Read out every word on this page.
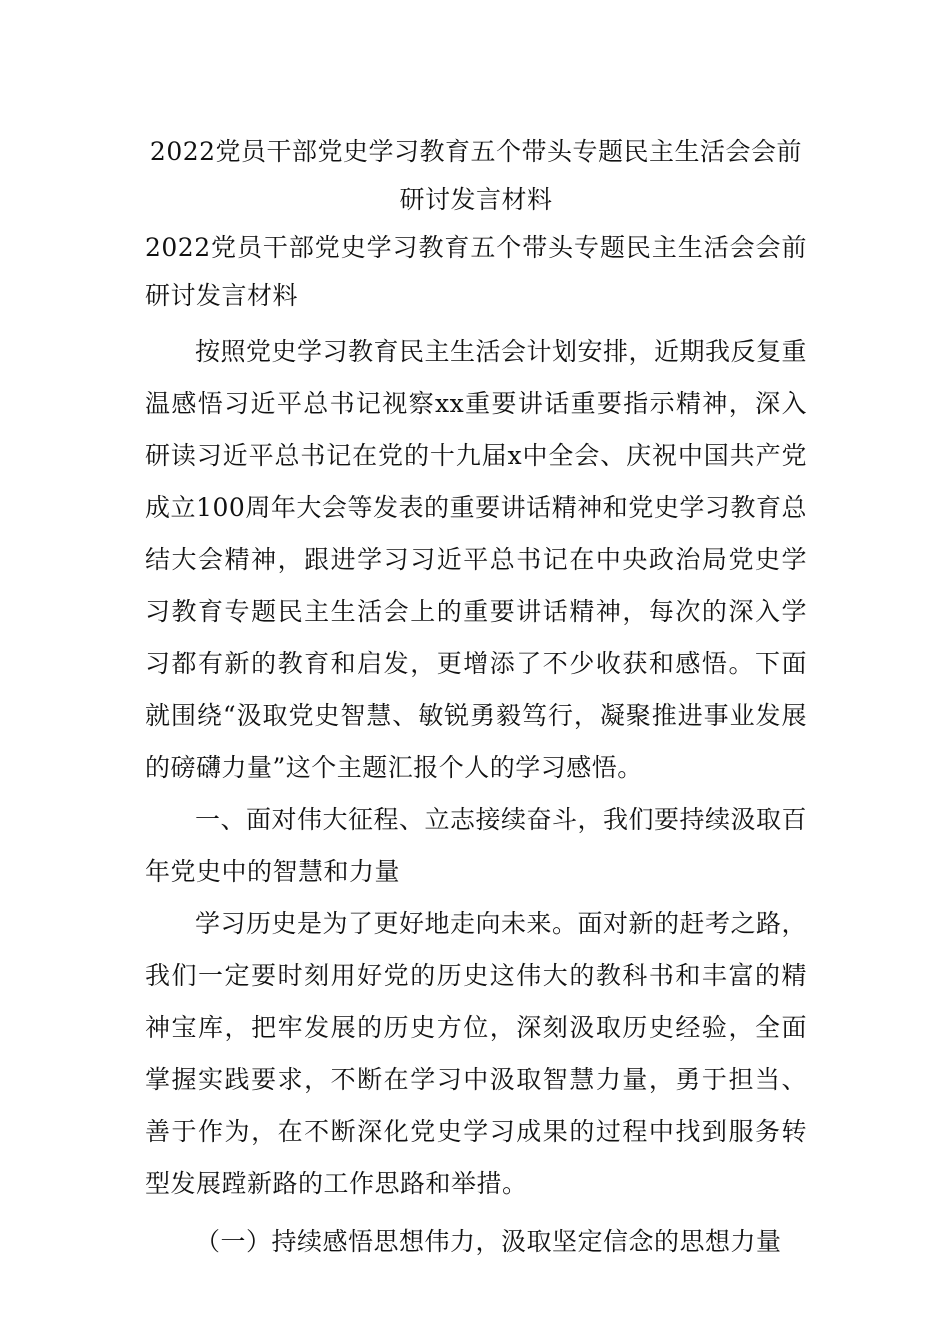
2022党员干部党史学习教育五个带头专题民主生活会会前研讨发言材料

2022党员干部党史学习教育五个带头专题民主生活会会前研讨发言材料

按照党史学习教育民主生活会计划安排，近期我反复重温感悟习近平总书记视察xx重要讲话重要指示精神，深入研读习近平总书记在党的十九届x中全会、庆祝中国共产党成立100周年大会等发表的重要讲话精神和党史学习教育总结大会精神，跟进学习习近平总书记在中央政治局党史学习教育专题民主生活会上的重要讲话精神，每次的深入学习都有新的教育和启发，更增添了不少收获和感悟。下面就围绕“汲取党史智慧、敏锐勇毅笃行，凝聚推进事业发展的磅礴力量”这个主题汇报个人的学习感悟。

一、面对伟大征程、立志接续奋斗，我们要持续汲取百年党史中的智慧和力量

学习历史是为了更好地走向未来。面对新的赶考之路，我们一定要时刻用好党的历史这伟大的教科书和丰富的精神宝库，把牢发展的历史方位，深刻汲取历史经验，全面掌握实践要求，不断在学习中汲取智慧力量，勇于担当、善于作为，在不断深化党史学习成果的过程中找到服务转型发展蹚新路的工作思路和举措。

（一）持续感悟思想伟力，汲取坚定信念的思想力量
